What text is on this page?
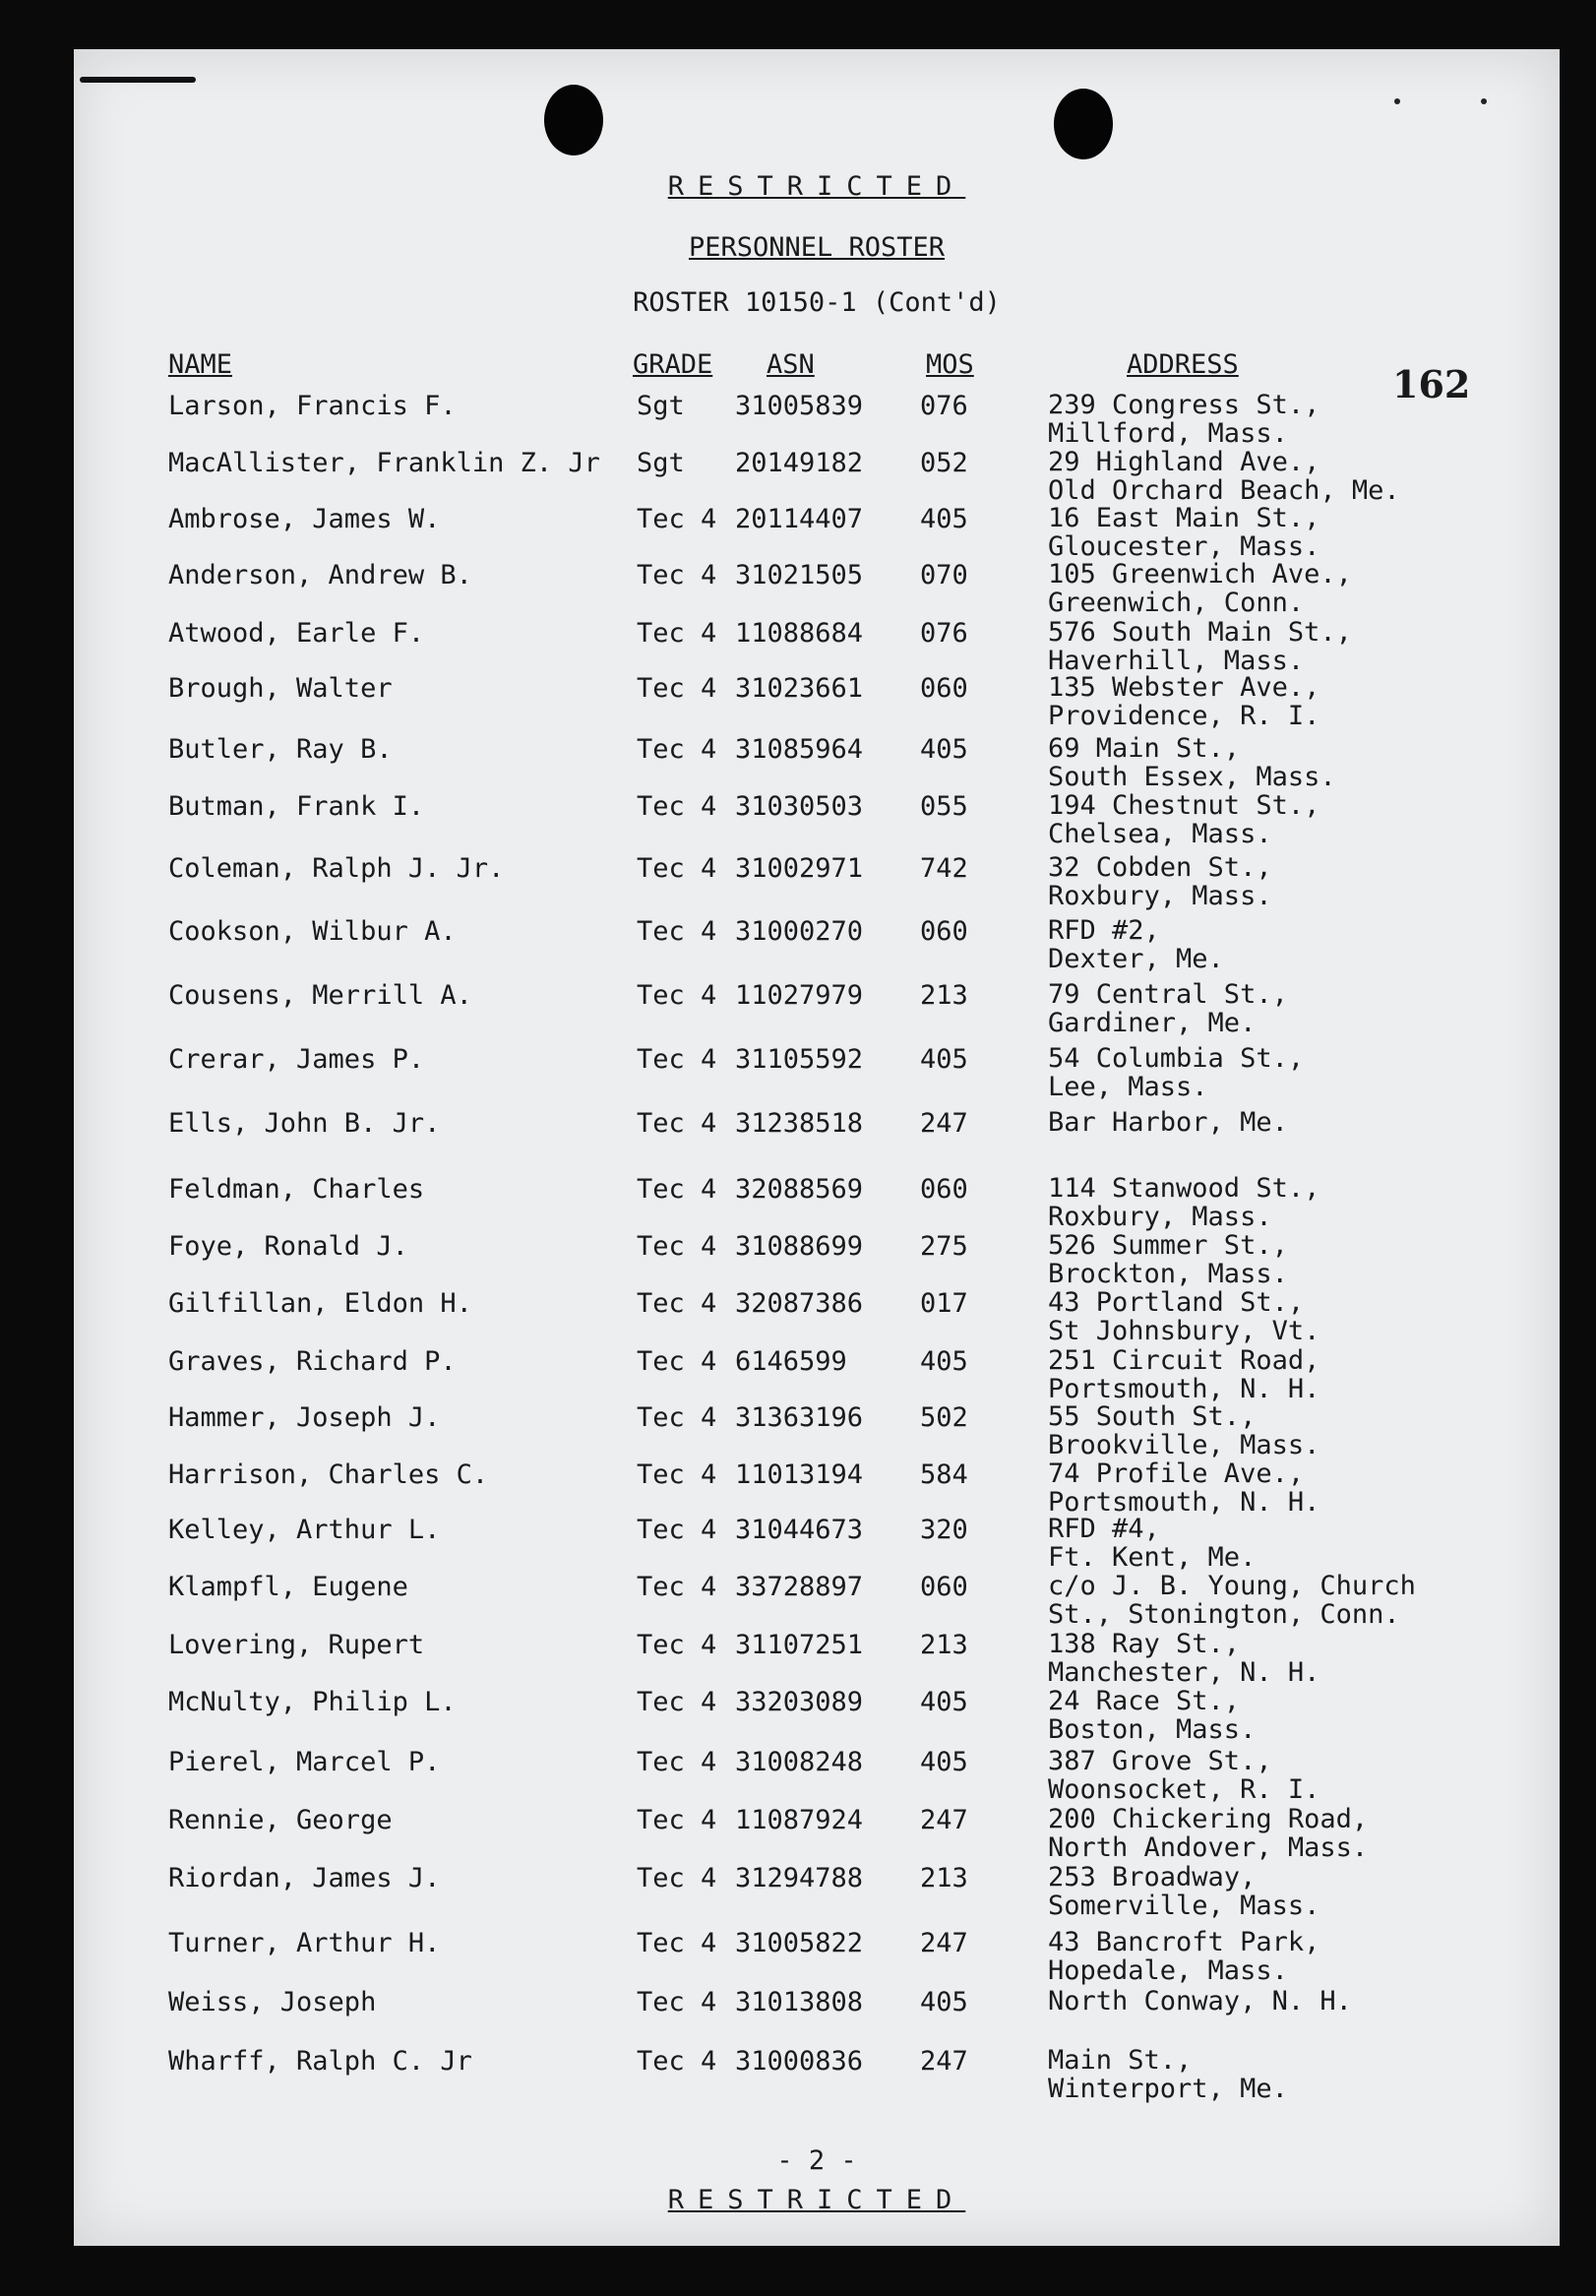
RESTRICTED
PERSONNEL ROSTER
ROSTER 10150-1 (Cont'd)
162
NAME	GRADE ASN	MOS	ADDRESS
Larson, Francis F.	Sgt 31005839 076	239 Congress St.,
Millford, Mass.
MacAllister, Franklin Z. Jr Sgt 20149182 052	29 Highland Ave.,
Old Orchard Beach, Me.
Ambrose, James W.	Tec 4 20114407 405	16 East Main St.,
Gloucester, Mass.
Anderson, Andrew B.	Tec 4 31021505 070	105 Greenwich Ave.,
Greenwich, Conn.
Atwood, Earle F.	Tec 4 11088684 076	576 South Main St.,
Haverhill, Mass.
Brough, Walter	Tec 4 31023661 060	135 Webster Ave.,
Providence, R. I.
Butler, Ray B.	Tec 4 31085964 405	69 Main St.,
South Essex, Mass.
Butman, Frank I.	Tec 4 31030503 055	194 Chestnut St.,
Chelsea, Mass.
Coleman, Ralph J. Jr.	Tec 4 31002971 742	32 Cobden St.,
Roxbury, Mass.
Cookson, Wilbur A.	Tec 4 31000270 060	RFD #2,
Dexter, Me.
Cousens, Merrill A.	Tec 4 11027979 213	79 Central St.,
Gardiner, Me.
Crerar, James P.	Tec 4 31105592 405	54 Columbia St.,
Lee, Mass.
Ells, John B. Jr.	Tec 4 31238518 247	Bar Harbor, Me.
Feldman, Charles	Tec 4 32088569 060	114 Stanwood St.,
Roxbury, Mass.
Foye, Ronald J.	Tec 4 31088699 275	526 Summer St.,
Brockton, Mass.
Gilfillan, Eldon H.	Tec 4 32087386 017	43 Portland St.,
St Johnsbury, Vt.
Graves, Richard P.	Tec 4 6146599	405	251 Circuit Road,
Portsmouth, N. H.
Hammer, Joseph J.	Tec 4 31363196 502	55 South St.,
Brookville, Mass.
Harrison, Charles C.	Tec 4 11013194 584	74 Profile Ave.,
Portsmouth, N. H.
Kelley, Arthur L.	Tec 4 31044673 320	RFD #4,
Ft. Kent, Me.
Klampfl, Eugene	Tec 4 33728897 060	c/o J. B. Young, Church
St., Stonington, Conn.
Lovering, Rupert	Tec 4 31107251 213	138 Ray St.,
Manchester, N. H.
McNulty, Philip L.	Tec 4 33203089 405	24 Race St.,
Boston, Mass.
Pierel, Marcel P.	Tec 4 31008248 405	387 Grove St.,
Woonsocket, R. I.
Rennie, George	Tec 4 11087924 247	200 Chickering Road,
North Andover, Mass.
Riordan, James J.	Tec 4 31294788 213	253 Broadway,
Somerville, Mass.
Turner, Arthur H.	Tec 4 31005822 247	43 Bancroft Park,
Hopedale, Mass.
Weiss, Joseph	Tec 4 31013808 405	North Conway, N. H.
Wharff, Ralph C. Jr	Tec 4 31000836 247	Main St.,
Winterport, Me.
- 2 -
RESTRICTED
